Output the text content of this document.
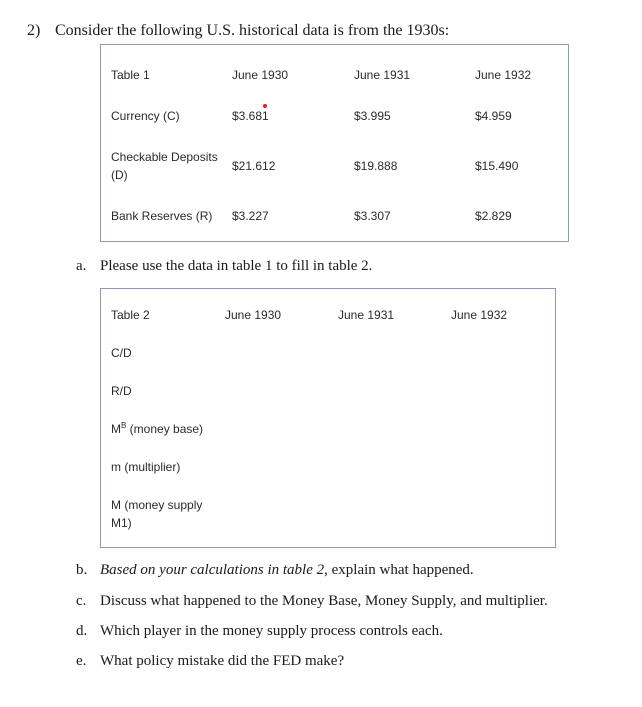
2) Consider the following U.S. historical data is from the 1930s:
Table 1	June 1930	June 1931	June 1932
Currency (C)	$3.681	$3.995	$4.959
Checkable Deposits
(D)
$21.612	$19.888	$15.490
Bank Reserves (R) $3.227	$3.307	$2.829
a. Please use the data in table 1 to fill in table 2.
Table 2	June 1930	June 1931	June 1932
C/D
R/D
$M^B$ (money base)
m (multiplier)
M (money supply
M1)
b. Based on your calculations in table 2, explain what happened.
c. Discuss what happened to the Money Base, Money Supply, and multiplier.
d. Which player in the money supply process controls each.
e. What policy mistake did the FED make?
